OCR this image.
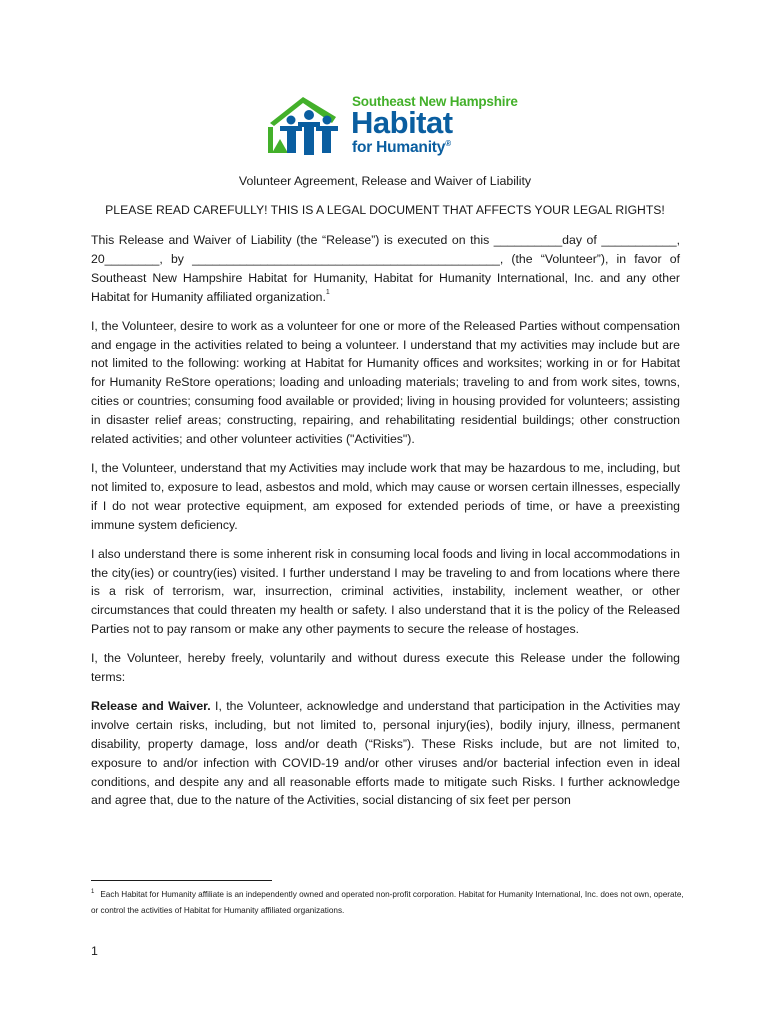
Southeast New Hampshire
Habitat
for Humanity®
Volunteer Agreement, Release and Waiver of Liability
PLEASE READ CAREFULLY! THIS IS A LEGAL DOCUMENT THAT AFFECTS YOUR LEGAL RIGHTS!

This Release and Waiver of Liability (the “Release”) is executed on this __________day of ___________, 20________, by _____________________________________________, (the “Volunteer”), in favor of Southeast New Hampshire Habitat for Humanity, Habitat for Humanity International, Inc. and any other Habitat for Humanity affiliated organization.$^1$

I, the Volunteer, desire to work as a volunteer for one or more of the Released Parties without compensation and engage in the activities related to being a volunteer. I understand that my activities may include but are not limited to the following: working at Habitat for Humanity offices and worksites; working in or for Habitat for Humanity ReStore operations; loading and unloading materials; traveling to and from work sites, towns, cities or countries; consuming food available or provided; living in housing provided for volunteers; assisting in disaster relief areas; constructing, repairing, and rehabilitating residential buildings; other construction related activities; and other volunteer activities ("Activities").

I, the Volunteer, understand that my Activities may include work that may be hazardous to me, including, but not limited to, exposure to lead, asbestos and mold, which may cause or worsen certain illnesses, especially if I do not wear protective equipment, am exposed for extended periods of time, or have a preexisting immune system deficiency.

I also understand there is some inherent risk in consuming local foods and living in local accommodations in the city(ies) or country(ies) visited. I further understand I may be traveling to and from locations where there is a risk of terrorism, war, insurrection, criminal activities, instability, inclement weather, or other circumstances that could threaten my health or safety. I also understand that it is the policy of the Released Parties not to pay ransom or make any other payments to secure the release of hostages.

I, the Volunteer, hereby freely, voluntarily and without duress execute this Release under the following terms:

Release and Waiver. I, the Volunteer, acknowledge and understand that participation in the Activities may involve certain risks, including, but not limited to, personal injury(ies), bodily injury, illness, permanent disability, property damage, loss and/or death (“Risks”). These Risks include, but are not limited to, exposure to and/or infection with COVID-19 and/or other viruses and/or bacterial infection even in ideal conditions, and despite any and all reasonable efforts made to mitigate such Risks. I further acknowledge and agree that, due to the nature of the Activities, social distancing of six feet per person

$^1$ Each Habitat for Humanity affiliate is an independently owned and operated non-profit corporation. Habitat for Humanity International, Inc. does not own, operate, or control the activities of Habitat for Humanity affiliated organizations.
1
